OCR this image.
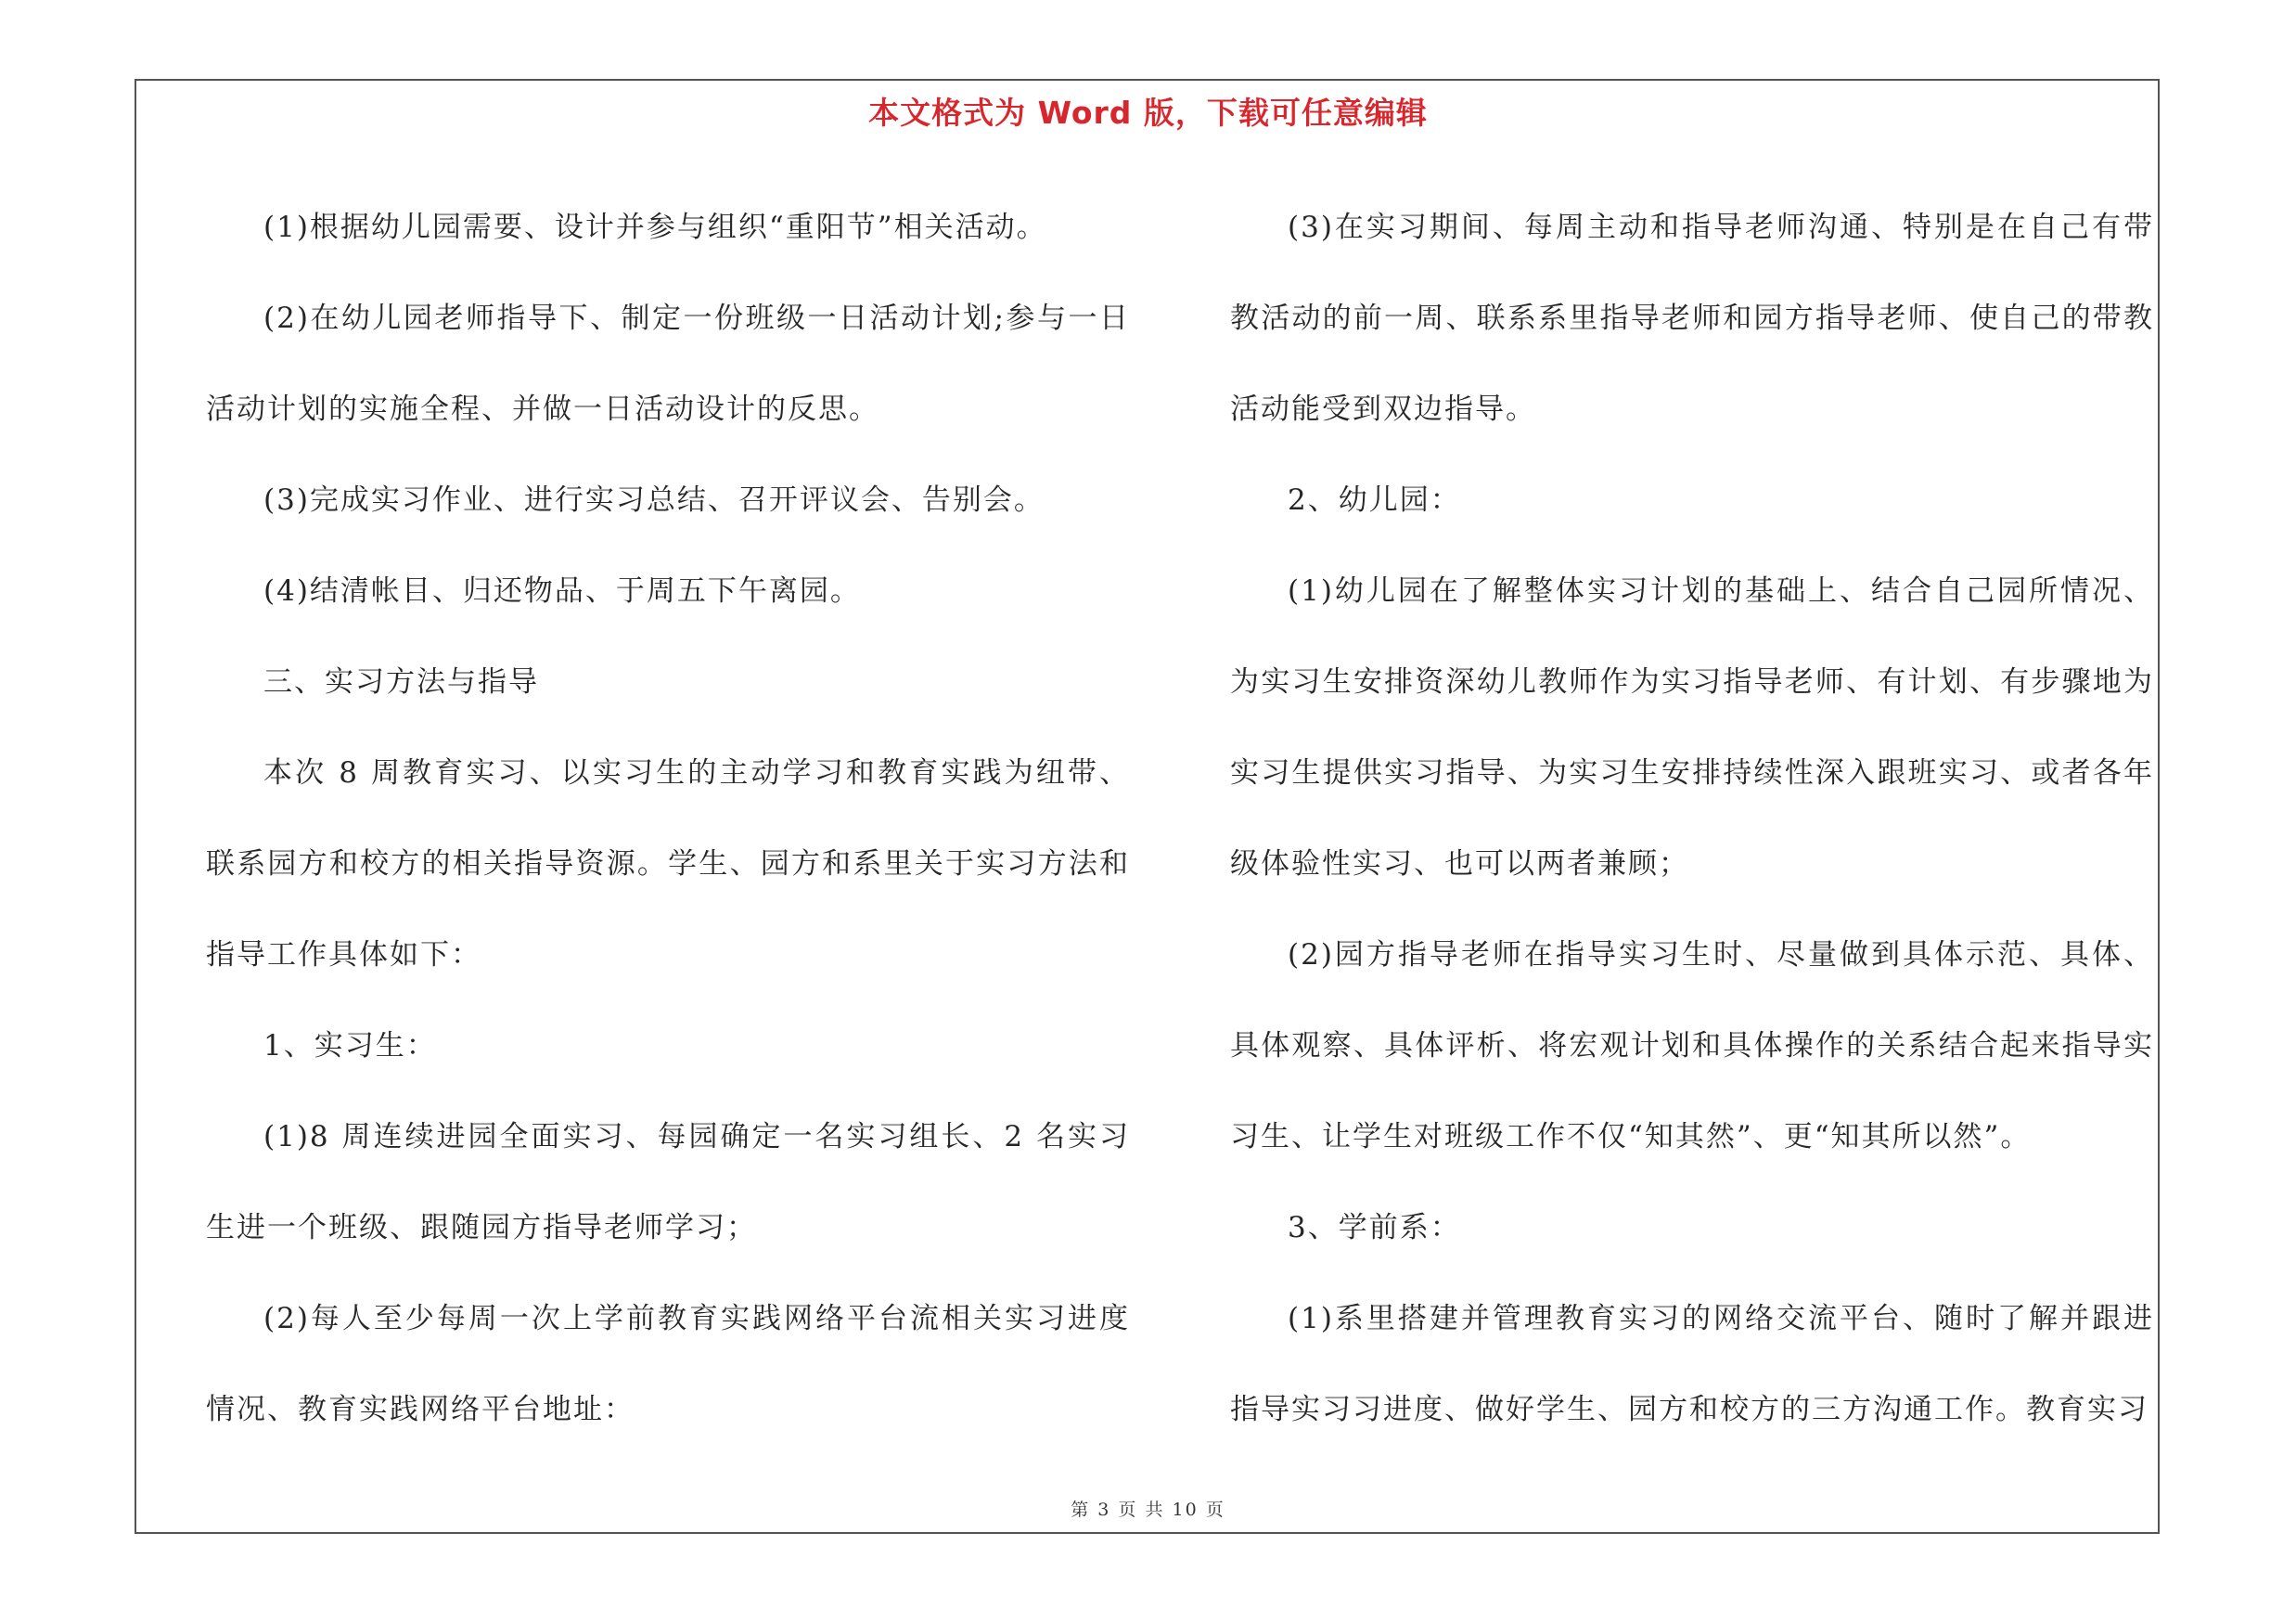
本文格式为 Word 版，下载可任意编辑

(1)根据幼儿园需要、设计并参与组织“重阳节”相关活动。

(2)在幼儿园老师指导下、制定一份班级一日活动计划;参与一日活动计划的实施全程、并做一日活动设计的反思。

(3)完成实习作业、进行实习总结、召开评议会、告别会。

(4)结清帐目、归还物品、于周五下午离园。

三、实习方法与指导

本次 8 周教育实习、以实习生的主动学习和教育实践为纽带、联系园方和校方的相关指导资源。学生、园方和系里关于实习方法和指导工作具体如下：

1、实习生：

(1)8 周连续进园全面实习、每园确定一名实习组长、2 名实习生进一个班级、跟随园方指导老师学习；

(2)每人至少每周一次上学前教育实践网络平台流相关实习进度情况、教育实践网络平台地址：

(3)在实习期间、每周主动和指导老师沟通、特别是在自己有带教活动的前一周、联系系里指导老师和园方指导老师、使自己的带教活动能受到双边指导。

2、幼儿园：

(1)幼儿园在了解整体实习计划的基础上、结合自己园所情况、为实习生安排资深幼儿教师作为实习指导老师、有计划、有步骤地为实习生提供实习指导、为实习生安排持续性深入跟班实习、或者各年级体验性实习、也可以两者兼顾；

(2)园方指导老师在指导实习生时、尽量做到具体示范、具体、具体观察、具体评析、将宏观计划和具体操作的关系结合起来指导实习生、让学生对班级工作不仅“知其然”、更“知其所以然”。

3、学前系：

(1)系里搭建并管理教育实习的网络交流平台、随时了解并跟进指导实习习进度、做好学生、园方和校方的三方沟通工作。教育实习

第 3 页 共 10 页
